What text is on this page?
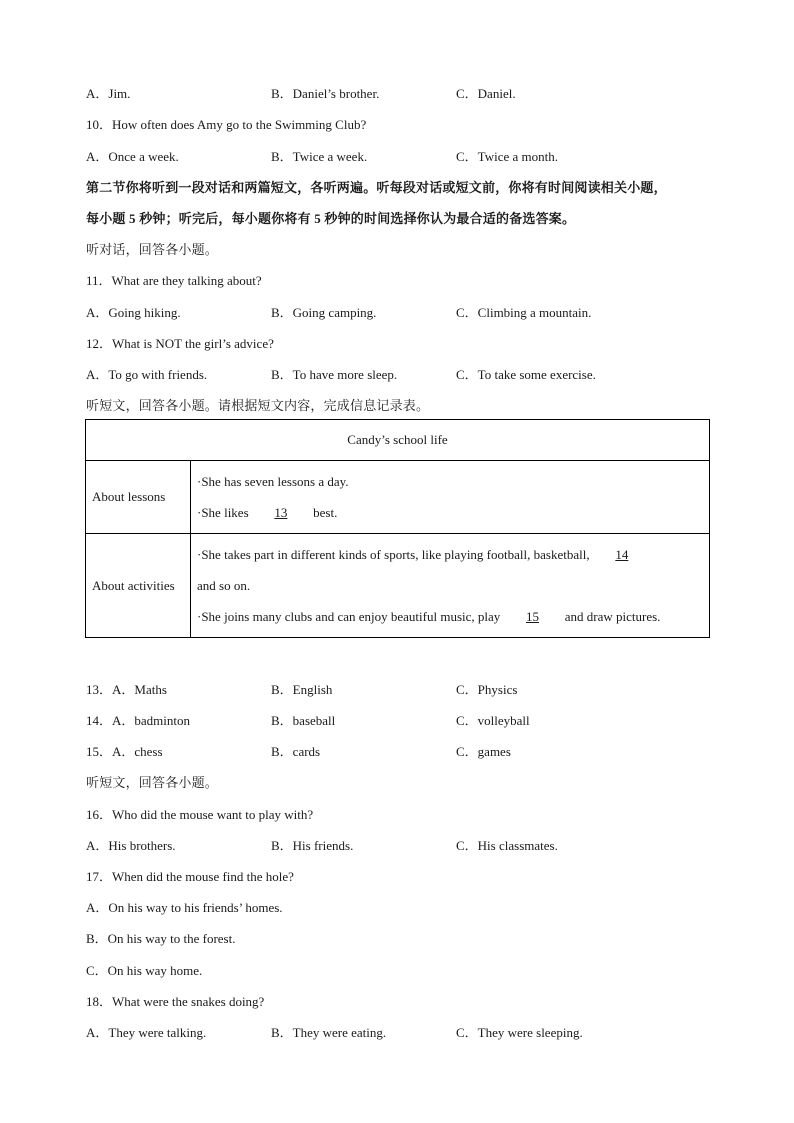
A．Jim.	B．Daniel’s brother.	C．Daniel.
10．How often does Amy go to the Swimming Club?
A．Once a week.	B．Twice a week.	C．Twice a month.
第二节你将听到一段对话和两篇短文，各听两遍。听每段对话或短文前，你将有时间阅读相关小题，
每小题 5 秒钟；听完后，每小题你将有 5 秒钟的时间选择你认为最合适的备选答案。
听对话，回答各小题。
11．What are they talking about?
A．Going hiking.	B．Going camping.	C．Climbing a mountain.
12．What is NOT the girl’s advice?
A．To go with friends.	B．To have more sleep.	C．To take some exercise.
听短文，回答各小题。请根据短文内容，完成信息记录表。
Candy’s school life	
About lessons	·She has seven lessons a day.
·She likes 13 best.

About activities	·She takes part in different kinds of sports, like playing football, basketball, 14
and so on.
·She joins many clubs and can enjoy beautiful music, play 15 and draw pictures.
13．A．Maths	B．English	C．Physics
14．A．badminton	B．baseball	C．volleyball
15．A．chess	B．cards	C．games
听短文，回答各小题。
16．Who did the mouse want to play with?
A．His brothers.	B．His friends.	C．His classmates.
17．When did the mouse find the hole?
A．On his way to his friends’ homes.
B．On his way to the forest.
C．On his way home.
18．What were the snakes doing?
A．They were talking.	B．They were eating.	C．They were sleeping.
